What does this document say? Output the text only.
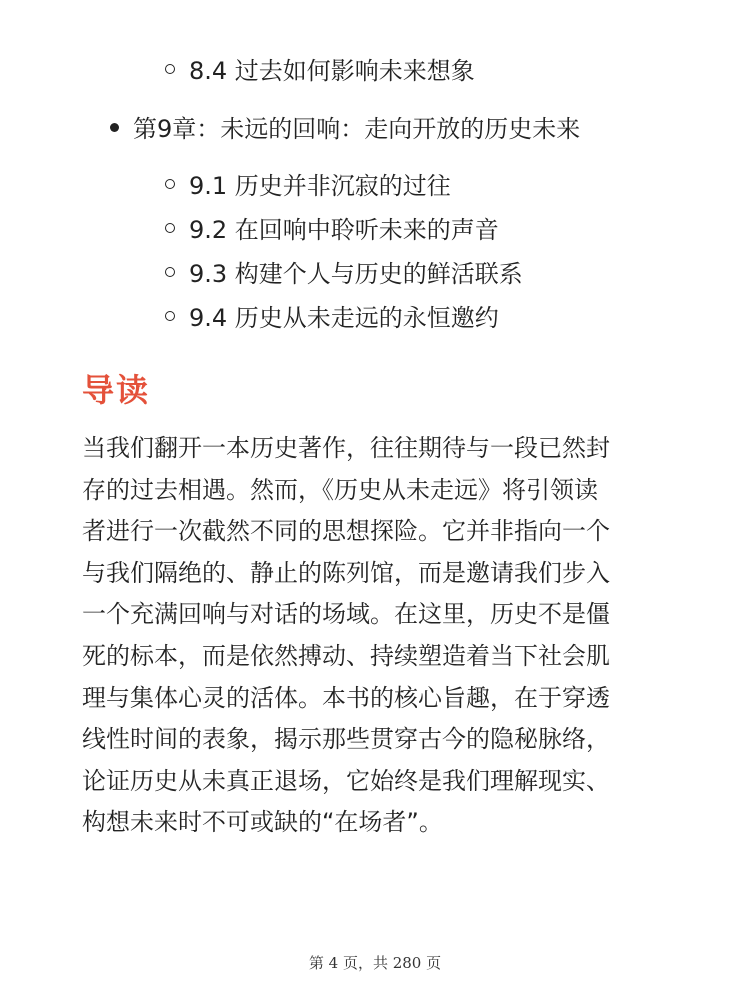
8.4 过去如何影响未来想象
第9章：未远的回响：走向开放的历史未来
9.1 历史并非沉寂的过往
9.2 在回响中聆听未来的声音
9.3 构建个人与历史的鲜活联系
9.4 历史从未走远的永恒邀约
导读
当我们翻开一本历史著作，往往期待与一段已然封
存的过去相遇。然而，《历史从未走远》将引领读
者进行一次截然不同的思想探险。它并非指向一个
与我们隔绝的、静止的陈列馆，而是邀请我们步入
一个充满回响与对话的场域。在这里，历史不是僵
死的标本，而是依然搏动、持续塑造着当下社会肌
理与集体心灵的活体。本书的核心旨趣，在于穿透
线性时间的表象，揭示那些贯穿古今的隐秘脉络，
论证历史从未真正退场，它始终是我们理解现实、
构想未来时不可或缺的“在场者”。
第 4 页，共 280 页
